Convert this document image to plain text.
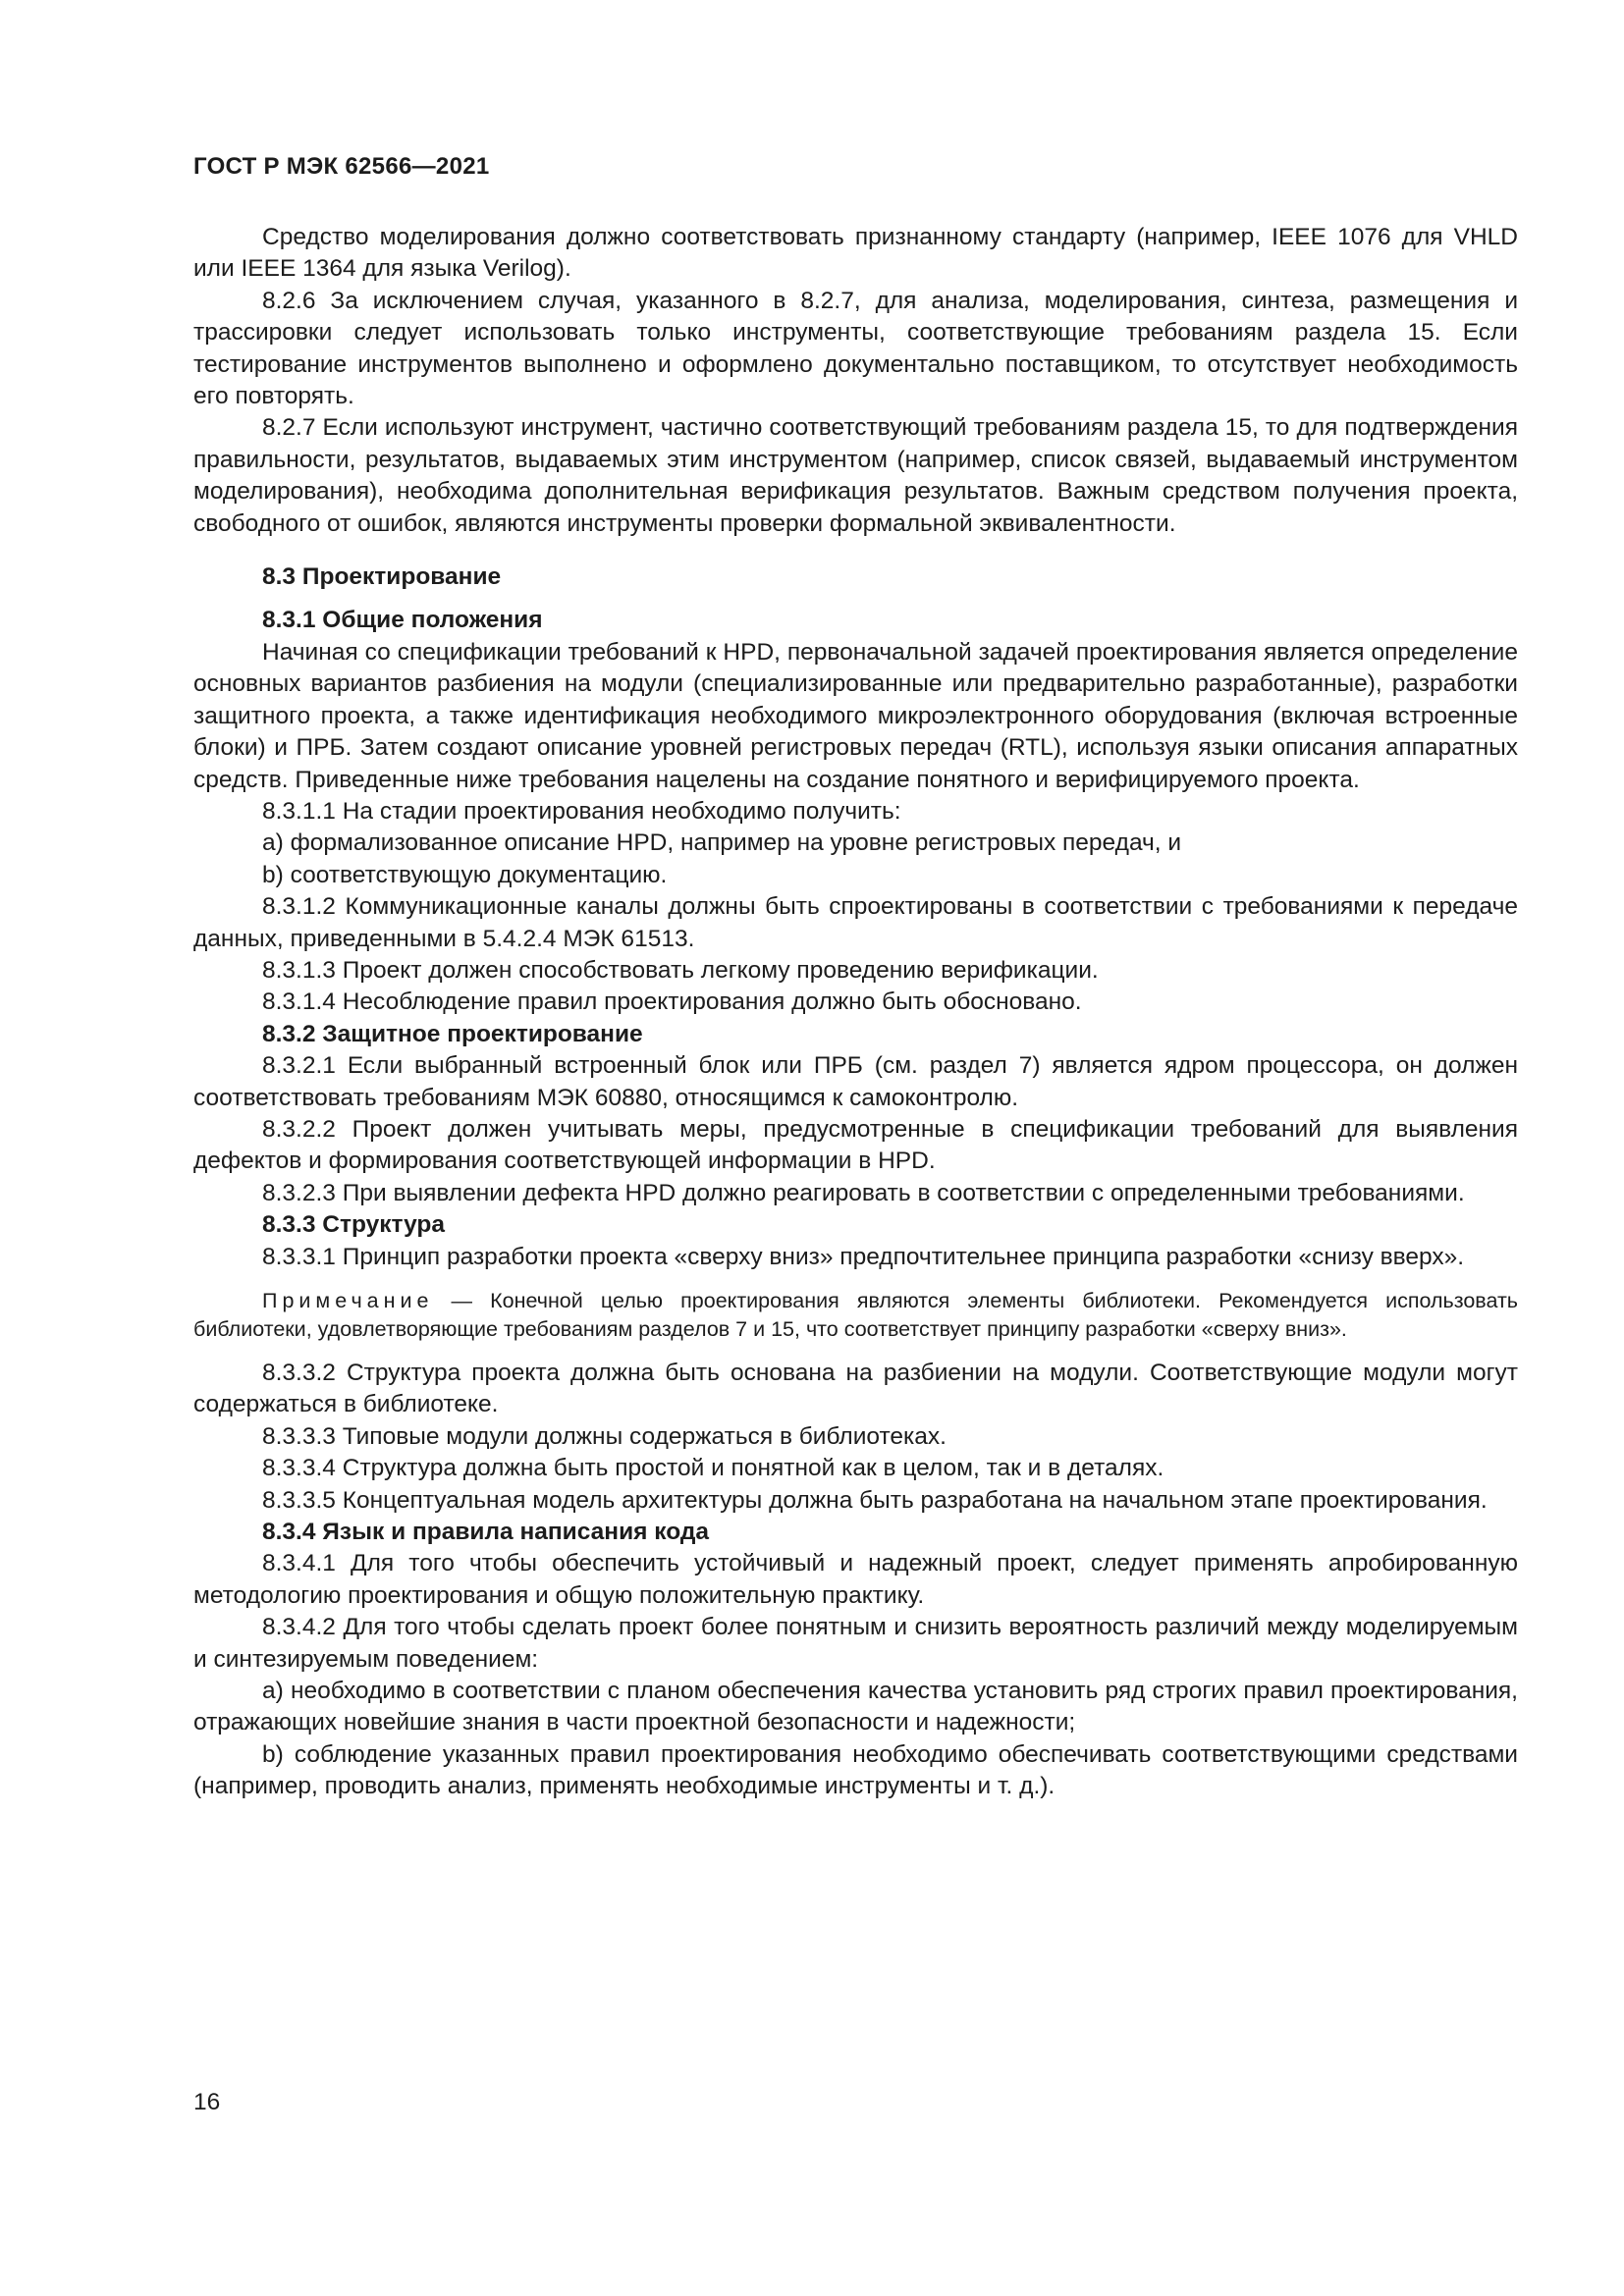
ГОСТ Р МЭК 62566—2021

Средство моделирования должно соответствовать признанному стандарту (например, IEEE 1076 для VHLD или IEEE 1364 для языка Verilog).

8.2.6 За исключением случая, указанного в 8.2.7, для анализа, моделирования, синтеза, размещения и трассировки следует использовать только инструменты, соответствующие требованиям раздела 15. Если тестирование инструментов выполнено и оформлено документально поставщиком, то отсутствует необходимость его повторять.

8.2.7 Если используют инструмент, частично соответствующий требованиям раздела 15, то для подтверждения правильности, результатов, выдаваемых этим инструментом (например, список связей, выдаваемый инструментом моделирования), необходима дополнительная верификация результатов. Важным средством получения проекта, свободного от ошибок, являются инструменты проверки формальной эквивалентности.

8.3 Проектирование

8.3.1 Общие положения

Начиная со спецификации требований к HPD, первоначальной задачей проектирования является определение основных вариантов разбиения на модули (специализированные или предварительно разработанные), разработки защитного проекта, а также идентификация необходимого микроэлектронного оборудования (включая встроенные блоки) и ПРБ. Затем создают описание уровней регистровых передач (RTL), используя языки описания аппаратных средств. Приведенные ниже требования нацелены на создание понятного и верифицируемого проекта.

8.3.1.1 На стадии проектирования необходимо получить:

a) формализованное описание HPD, например на уровне регистровых передач, и

b) соответствующую документацию.

8.3.1.2 Коммуникационные каналы должны быть спроектированы в соответствии с требованиями к передаче данных, приведенными в 5.4.2.4 МЭК 61513.

8.3.1.3 Проект должен способствовать легкому проведению верификации.

8.3.1.4 Несоблюдение правил проектирования должно быть обосновано.

8.3.2 Защитное проектирование

8.3.2.1 Если выбранный встроенный блок или ПРБ (см. раздел 7) является ядром процессора, он должен соответствовать требованиям МЭК 60880, относящимся к самоконтролю.

8.3.2.2 Проект должен учитывать меры, предусмотренные в спецификации требований для выявления дефектов и формирования соответствующей информации в HPD.

8.3.2.3 При выявлении дефекта HPD должно реагировать в соответствии с определенными требованиями.

8.3.3 Структура

8.3.3.1 Принцип разработки проекта «сверху вниз» предпочтительнее принципа разработки «снизу вверх».

Примечание — Конечной целью проектирования являются элементы библиотеки. Рекомендуется использовать библиотеки, удовлетворяющие требованиям разделов 7 и 15, что соответствует принципу разработки «сверху вниз».

8.3.3.2 Структура проекта должна быть основана на разбиении на модули. Соответствующие модули могут содержаться в библиотеке.

8.3.3.3 Типовые модули должны содержаться в библиотеках.

8.3.3.4 Структура должна быть простой и понятной как в целом, так и в деталях.

8.3.3.5 Концептуальная модель архитектуры должна быть разработана на начальном этапе проектирования.

8.3.4 Язык и правила написания кода

8.3.4.1 Для того чтобы обеспечить устойчивый и надежный проект, следует применять апробированную методологию проектирования и общую положительную практику.

8.3.4.2 Для того чтобы сделать проект более понятным и снизить вероятность различий между моделируемым и синтезируемым поведением:

a) необходимо в соответствии с планом обеспечения качества установить ряд строгих правил проектирования, отражающих новейшие знания в части проектной безопасности и надежности;

b) соблюдение указанных правил проектирования необходимо обеспечивать соответствующими средствами (например, проводить анализ, применять необходимые инструменты и т. д.).

16
